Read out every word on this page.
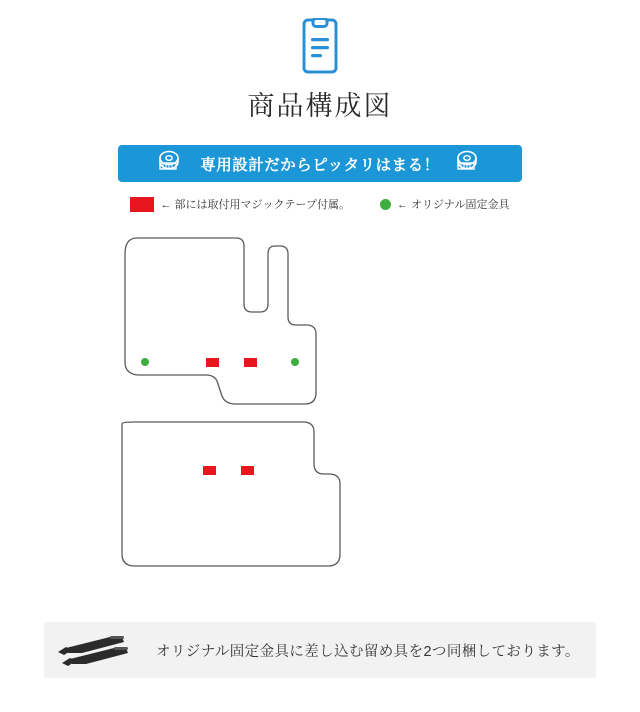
商品構成図
専用設計だからピッタリはまる！
← 部には取付用マジックテープ付属。	← オリジナル固定金具
オリジナル固定金具に差し込む留め具を2つ同梱しております。
